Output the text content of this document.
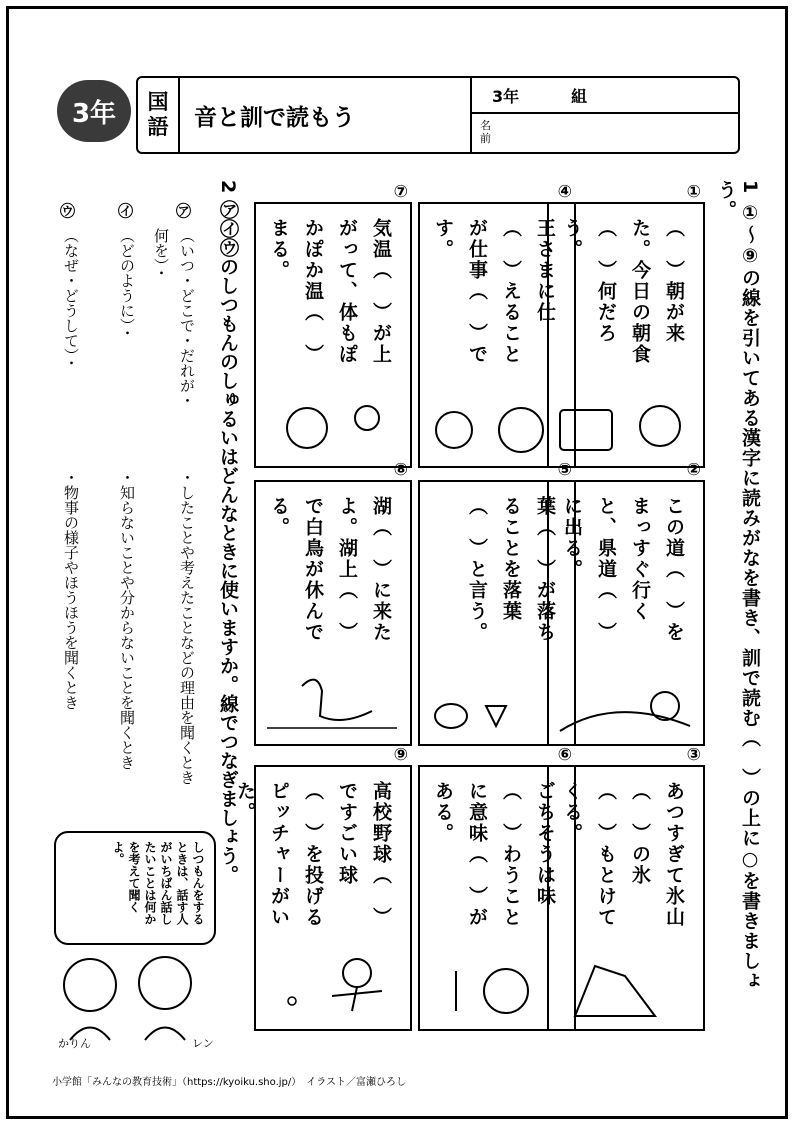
3年	国
語	音と訓で読もう
3年	組
名
前
1 ①〜⑨の線を引いてある漢字に読みがなを書き、訓で読む（　）の上に○を書きましょう。
①
（　）朝が来た。今日の朝食（　）何だろう。
④
王さまに仕（　）えることが仕事（　）です。
⑦
気温（　）が上がって、体もぽかぽか温（　）まる。
②
この道（　）をまっすぐ行くと、県道（　）に出る。
⑤
葉（　）が落ちることを落葉（　）と言う。
⑧
湖（　）に来たよ。湖上（　）で白鳥が休んでる。
③
あつすぎて氷山（　）の氷（　）もとけてくる。
⑥
ごちそうは味（　）わうことに意味（　）がある。
⑨
高校野球（　）ですごい球（　）を投げるピッチャーがいた。
2 ㋐㋑㋒のしつもんのしゅるいはどんなときに使いますか。線でつなぎましょう。
㋐
（いつ・どこで・だれが・何を）・
㋑
（どのように）・
㋒
（なぜ・どうして）・
・したことや考えたことなどの理由を聞くとき
・知らないことや分からないことを聞くとき
・物事の様子やほうほうを聞くとき
しつもんをするときは、話す人がいちばん話したいことは何かを考えて聞くよ。
かりん	レン
小学館「みんなの教育技術」（https://kyoiku.sho.jp/）　イラスト／富瀬ひろし
